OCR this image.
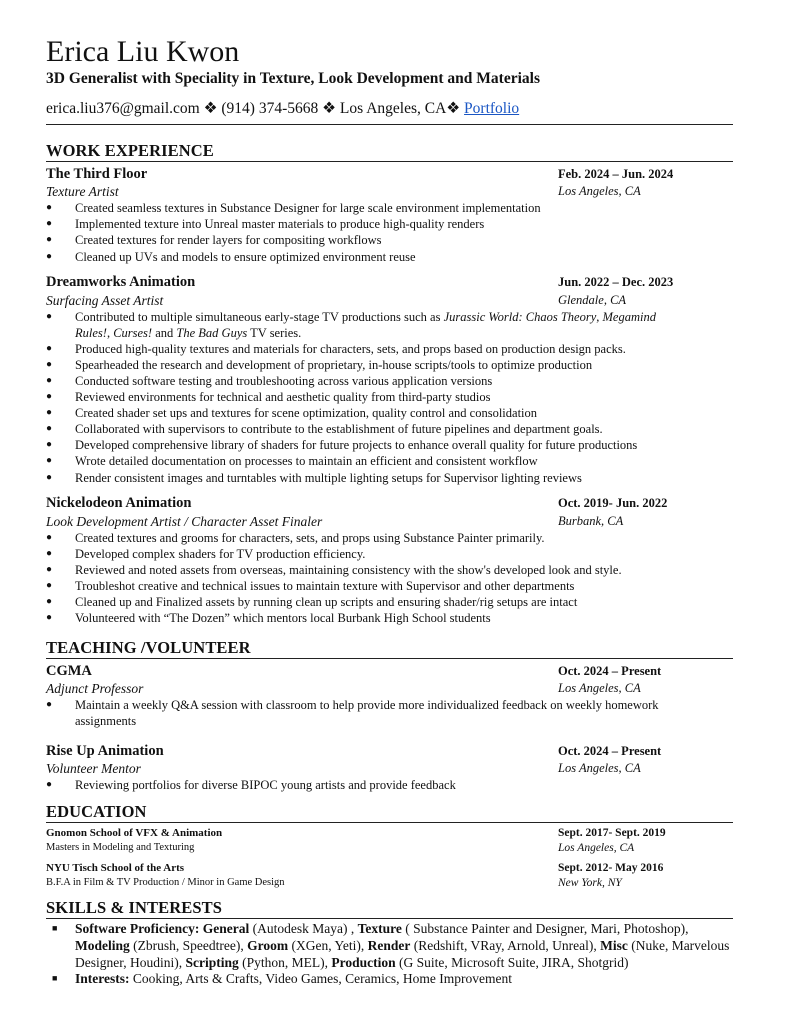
Erica Liu Kwon
3D Generalist with Speciality in Texture, Look Development and Materials
erica.liu376@gmail.com ❖ (914) 374-5668 ❖ Los Angeles, CA❖ Portfolio
WORK EXPERIENCE
The Third Floor	Feb. 2024 – Jun. 2024
Texture Artist	Los Angeles, CA
● Created seamless textures in Substance Designer for large scale environment implementation
● Implemented texture into Unreal master materials to produce high-quality renders
● Created textures for render layers for compositing workflows
● Cleaned up UVs and models to ensure optimized environment reuse
Dreamworks Animation	Jun. 2022 – Dec. 2023
Surfacing Asset Artist	Glendale, CA
● Contributed to multiple simultaneous early-stage TV productions such as Jurassic World: Chaos Theory, Megamind
Rules!, Curses! and The Bad Guys TV series.
● Produced high-quality textures and materials for characters, sets, and props based on production design packs.
● Spearheaded the research and development of proprietary, in-house scripts/tools to optimize production
● Conducted software testing and troubleshooting across various application versions
● Reviewed environments for technical and aesthetic quality from third-party studios
● Created shader set ups and textures for scene optimization, quality control and consolidation
● Collaborated with supervisors to contribute to the establishment of future pipelines and department goals.
● Developed comprehensive library of shaders for future projects to enhance overall quality for future productions
● Wrote detailed documentation on processes to maintain an efficient and consistent workflow
● Render consistent images and turntables with multiple lighting setups for Supervisor lighting reviews
Nickelodeon Animation	Oct. 2019- Jun. 2022
Look Development Artist / Character Asset Finaler	Burbank, CA
● Created textures and grooms for characters, sets, and props using Substance Painter primarily.
● Developed complex shaders for TV production efficiency.
● Reviewed and noted assets from overseas, maintaining consistency with the show's developed look and style.
● Troubleshot creative and technical issues to maintain texture with Supervisor and other departments
● Cleaned up and Finalized assets by running clean up scripts and ensuring shader/rig setups are intact
● Volunteered with “The Dozen” which mentors local Burbank High School students
TEACHING /VOLUNTEER
CGMA	Oct. 2024 – Present
Adjunct Professor	Los Angeles, CA
● Maintain a weekly Q&A session with classroom to help provide more individualized feedback on weekly homework assignments
Rise Up Animation	Oct. 2024 – Present
Volunteer Mentor	Los Angeles, CA
● Reviewing portfolios for diverse BIPOC young artists and provide feedback
EDUCATION
Gnomon School of VFX & Animation	Sept. 2017- Sept. 2019
Masters in Modeling and Texturing	Los Angeles, CA
NYU Tisch School of the Arts	Sept. 2012- May 2016
B.F.A in Film & TV Production / Minor in Game Design	New York, NY
SKILLS & INTERESTS
■ Software Proficiency: General (Autodesk Maya) , Texture ( Substance Painter and Designer, Mari, Photoshop), Modeling (Zbrush, Speedtree), Groom (XGen, Yeti), Render (Redshift, VRay, Arnold, Unreal), Misc (Nuke, Marvelous Designer, Houdini), Scripting (Python, MEL), Production (G Suite, Microsoft Suite, JIRA, Shotgrid)
■ Interests: Cooking, Arts & Crafts, Video Games, Ceramics, Home Improvement
